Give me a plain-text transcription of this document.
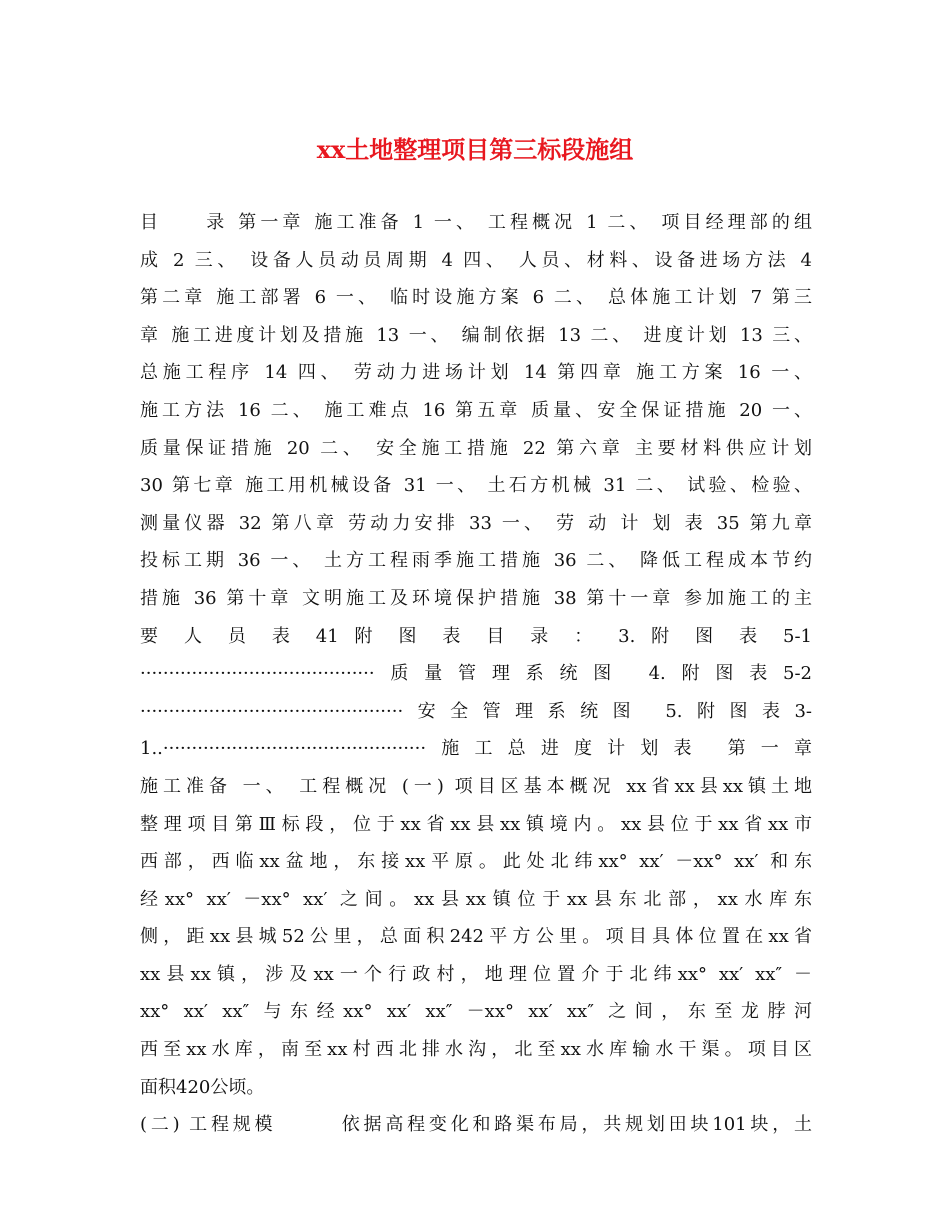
xx土地整理项目第三标段施组
目　　录 第一章 施工准备 1 一、 工程概况 1 二、 项目经理部的组
成 2 三、 设备人员动员周期 4 四、 人员、材料、设备进场方法 4
第二章 施工部署 6 一、 临时设施方案 6 二、 总体施工计划 7 第三
章 施工进度计划及措施 13 一、 编制依据 13 二、 进度计划 13 三、
总施工程序 14 四、 劳动力进场计划 14 第四章 施工方案 16 一、
施工方法 16 二、 施工难点 16 第五章 质量、安全保证措施 20 一、
质量保证措施 20 二、 安全施工措施 22 第六章 主要材料供应计划
30 第七章 施工用机械设备 31 一、 土石方机械 31 二、 试验、检验、
测量仪器 32 第八章 劳动力安排 33 一、 劳 动 计 划 表 35 第九章
投标工期 36 一、 土方工程雨季施工措施 36 二、 降低工程成本节约
措施 36 第十章 文明施工及环境保护措施 38 第十一章 参加施工的主
要 人 员 表 41 附 图 表 目 录 ： 3. 附 图 表 5-1
·········································质量管理系统图 4.附图表5-2
··············································安全管理系统图 5.附图表3-
1..··············································施工总进度计划表 第一章
施工准备 一、 工程概况 (一) 项目区基本概况 xx省xx县xx镇土地
整理项目第Ⅲ标段，位于xx省xx县xx镇境内。xx县位于xx省xx市
西部，西临xx盆地，东接xx平原。此处北纬xx° xx′ －xx° xx′ 和东
经xx° xx′ －xx° xx′ 之间。xx县xx镇位于xx县东北部，xx水库东
侧，距xx县城52公里，总面积242平方公里。项目具体位置在xx省
xx县xx镇，涉及xx一个行政村，地理位置介于北纬xx° xx′ xx″ －
xx° xx′ xx″ 与东经xx° xx′ xx″ －xx° xx′ xx″ 之间，东至龙脖河
西至xx水库，南至xx村西北排水沟，北至xx水库输水干渠。项目区
面积420公顷。
(二) 工程规模　　　依据高程变化和路渠布局，共规划田块101块，土
